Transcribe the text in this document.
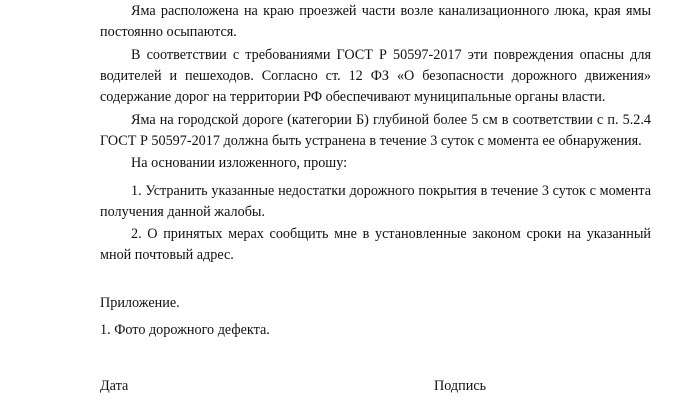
Яма расположена на краю проезжей части возле канализационного люка, края ямы постоянно осыпаются.

В соответствии с требованиями ГОСТ Р 50597-2017 эти повреждения опасны для водителей и пешеходов. Согласно ст. 12 ФЗ «О безопасности дорожного движения» содержание дорог на территории РФ обеспечивают муниципальные органы власти.

Яма на городской дороге (категории Б) глубиной более 5 см в соответствии с п. 5.2.4 ГОСТ Р 50597-2017 должна быть устранена в течение 3 суток с момента ее обнаружения.

На основании изложенного, прошу:

1. Устранить указанные недостатки дорожного покрытия в течение 3 суток с момента получения данной жалобы.

2. О принятых мерах сообщить мне в установленные законом сроки на указанный мной почтовый адрес.

Приложение.

1. Фото дорожного дефекта.

Дата	Подпись
